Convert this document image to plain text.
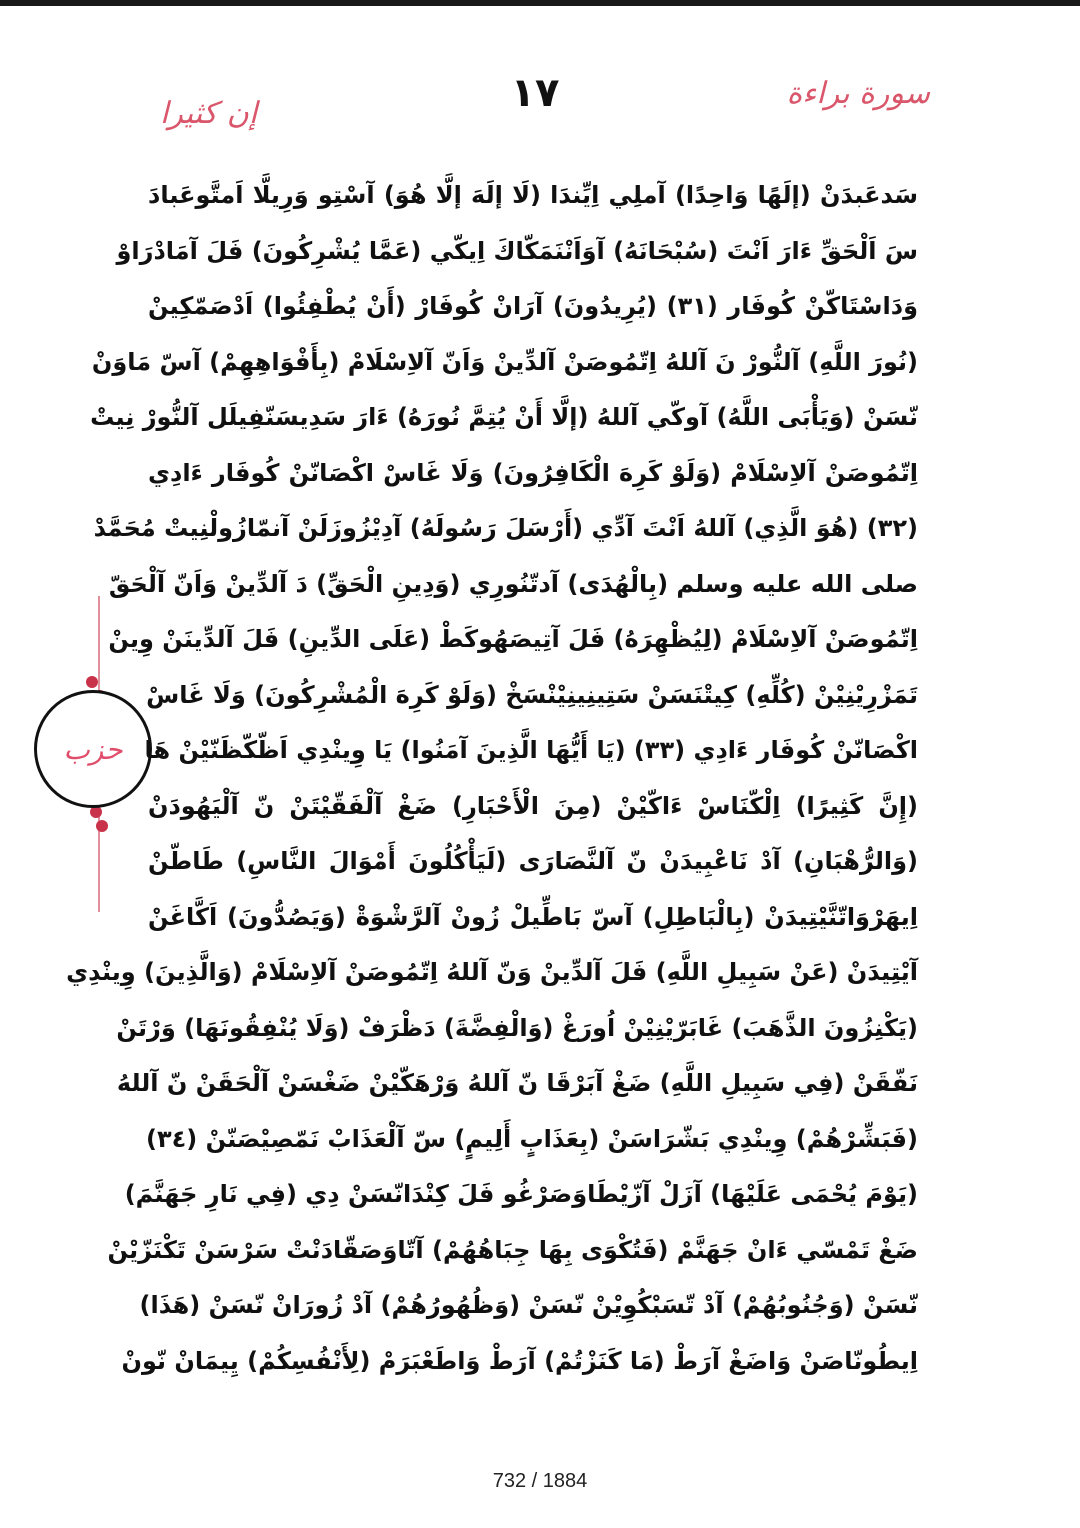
١٧	سورة براءة
إن كثيرا
حزب
سَدعَبدَنْ (إلَهًا وَاحِدًا) آملِي اِيِّندَا (لَا إلَهَ إلَّا هُوَ) آسْتِو وَرِيلَّا اَمتَّوعَبادَ
سَ اَلْحَقِّ ءَارَ اَنْتَ (سُبْحَانَهُ) آوَاَنْنَمَكّاكَ اِيكّي (عَمَّا يُشْرِكُونَ) فَلَ آمَادْرَاوْ
وَدَاسْتَاكّنْ كُوفَار (٣١) (يُرِيدُونَ) آرَانْ كُوفَارْ (أَنْ يُطْفِئُوا) اَدْصَمّكِينْ
(نُورَ اللَّهِ) آلنُّورْ نَ آللهُ اِتّمُوصَنْ آلدِّينْ وَاَنّ آلاِسْلَامْ (بِأَفْوَاهِهِمْ) آسّ مَاوَنْ
نّسَنْ (وَيَأْبَى اللَّهُ) آوكّي آللهُ (إلَّا أَنْ يُتِمَّ نُورَهُ) ءَارَ سَدِيسَنّفِيلَل آلنُّورْ نِيتْ
اِتّمُوصَنْ آلاِسْلَامْ (وَلَوْ كَرِهَ الْكَافِرُونَ) وَلَا غَاسْ اكْصَانّنْ كُوفَار ءَادِي
(٣٢) (هُوَ الَّذِي) آللهُ اَنْتَ آدِّي (أَرْسَلَ رَسُولَهُ) آدِيْزُوزَلَنْ آنمّازُولْنِيتْ مُحَمَّدْ
صلى الله عليه وسلم (بِالْهُدَى) آدتّنُورِي (وَدِينِ الْحَقِّ) دَ آلدِّينْ وَاَنّ آلْحَقّ
اِتّمُوصَنْ آلاِسْلَامْ (لِيُظْهِرَهُ) فَلَ آتِيصَهُوكَطْ (عَلَى الدِّينِ) فَلَ آلدِّينَنْ وِينْ
تَمَزْرِيْنِيْنْ (كُلِّهِ) كِيتْنَسَنْ سَتِينِينِيْنْسَخْ (وَلَوْ كَرِهَ الْمُشْرِكُونَ) وَلَا غَاسْ
اكْصَانّنْ كُوفَار ءَادِي (٣٣) (يَا أَيُّهَا الَّذِينَ آمَنُوا) يَا وِينْدِي اَظّكّظَنّيْنْ هَا
(إِنَّ كَثِيرًا) اِلْكّنَاسْ ءَاكّيْنْ (مِنَ الْأَحْبَارِ) ضَغْ آلْفَقّيْتَنْ نّ آلْيَهُودَنْ
(وَالرُّهْبَانِ) آدْ نَاعْبِيدَنْ نّ آلنَّصَارَى (لَيَأْكُلُونَ أَمْوَالَ النَّاسِ) طَاطّنْ
اِيهَرْوَاتّنَّيْتِيدَنْ (بِالْبَاطِلِ) آسّ بَاطِّيلْ زُونْ آلرَّشْوَةْ (وَيَصُدُّونَ) اَكَّاغَنْ
آيْتِيدَنْ (عَنْ سَبِيلِ اللَّهِ) فَلَ آلدِّينْ وَنّ آللهُ اِتّمُوصَنْ آلاِسْلَامْ (وَالَّذِينَ) وِينْدِي
(يَكْنِزُونَ الذَّهَبَ) غَابَرّيْنِيْنْ اُورَغْ (وَالْفِضَّةَ) دَظْرَفْ (وَلَا يُنْفِقُونَهَا) وَرْتَنْ
نَفّقَنْ (فِي سَبِيلِ اللَّهِ) ضَغْ آبَرْقَا نّ آللهُ وَرْهَكّيْنْ ضَغْسَنْ آلْحَقَنْ نّ آللهُ
(فَبَشِّرْهُمْ) وِينْدِي بَشّرَاسَنْ (بِعَذَابٍ أَلِيمٍ) سّ آلْعَذَابْ نَمّصِيْصَنّنْ (٣٤)
(يَوْمَ يُحْمَى عَلَيْهَا) آزَلْ آزّيْطَاوَصَرْغُو فَلَ كِنْدَانّسَنْ دِي (فِي نَارِ جَهَنَّمَ)
ضَغْ تَمْسّي ءَانْ جَهَنَّمْ (فَتُكْوَى بِهَا جِبَاهُهُمْ) آتّاوَصَقّادَنْتْ سَرْسَنْ تَكْنَزّيْنْ
نّسَنْ (وَجُنُوبُهُمْ) آدْ تّسَبْكُوِيْنْ نّسَنْ (وَظُهُورُهُمْ) آدْ زُورَانْ نّسَنْ (هَذَا)
اِيطُونّاصَنْ وَاضَغْ آرَطْ (مَا كَنَزْتُمْ) آرَطْ وَاطَعْبَرَمْ (لِأَنْفُسِكُمْ) يِيمَانْ نّونْ
732 / 1884
